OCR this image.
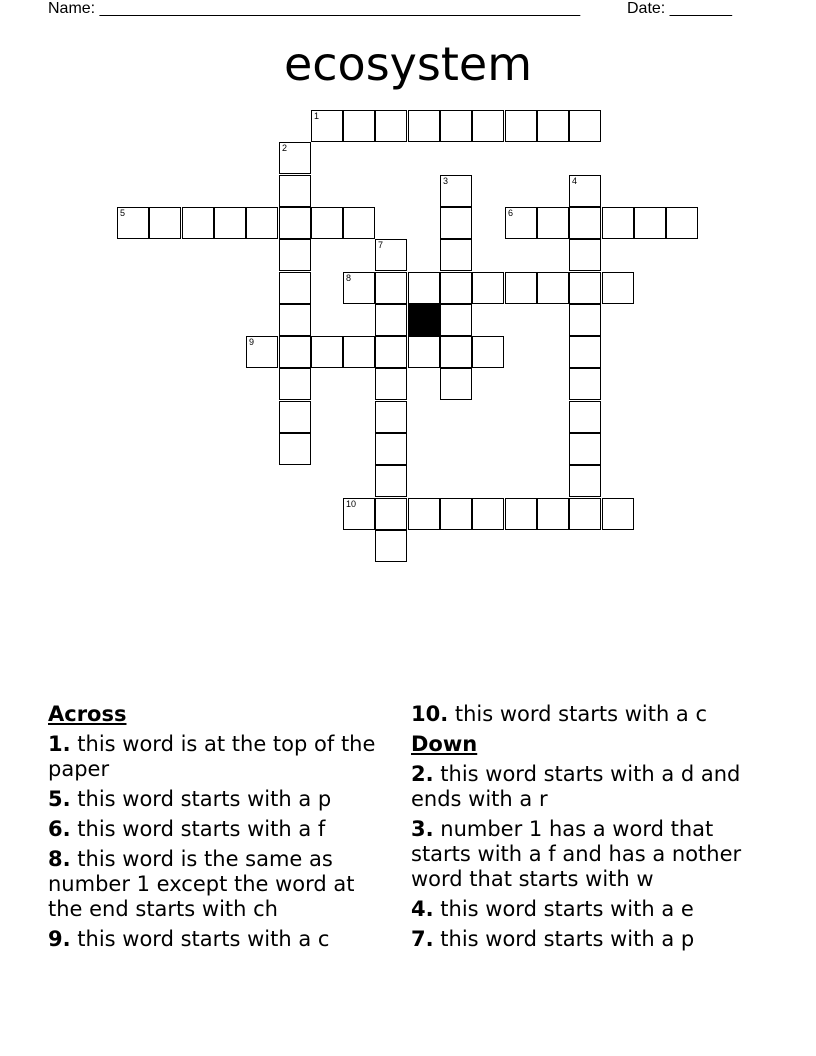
Name: ______________________________________________________	Date: _______
ecosystem
1
2
3	4
5	6
7
8
9
10
Across
1. this word is at the top of the paper
5. this word starts with a p
6. this word starts with a f
8. this word is the same as number 1 except the word at the end starts with ch
9. this word starts with a c
10. this word starts with a c
Down
2. this word starts with a d and ends with a r
3. number 1 has a word that starts with a f and has a nother word that starts with w
4. this word starts with a e
7. this word starts with a p
